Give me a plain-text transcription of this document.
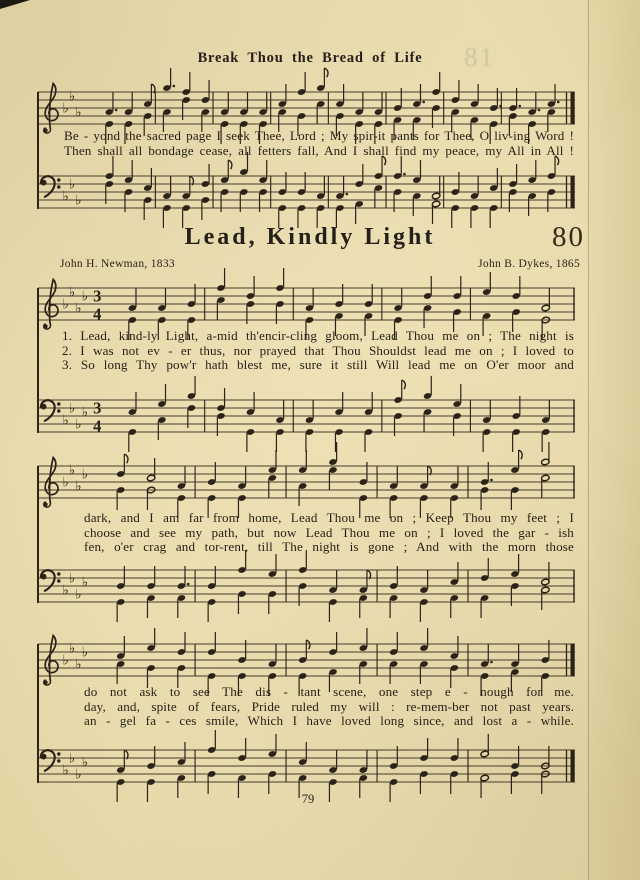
81
Break Thou the Bread of Life
♭
♭
♭
Be - yond the sacred page I seek Thee, Lord ; My spir-it pants for Thee, O liv-ing Word !
Then shall all bondage cease, all fetters fall, And I shall find my peace, my All in All !
♭
♭
♭
Lead, Kindly Light	80
John H. Newman, 1833	John B. Dykes, 1865
♭
♭
♭
♭ 3
4
1. Lead, kind-ly Light, a-mid th'encir-cling gloom, Lead Thou me on ; The night is
2. I was not ev - er thus, nor prayed that Thou Shouldst lead me on ; I loved to
3. So long Thy pow'r hath blest me, sure it still Will lead me on O'er moor and
♭
♭
♭
♭ 3
4
♭
♭
♭
♭
dark, and I am far from home, Lead Thou me on ; Keep Thou my feet ; I
choose and see my path, but now Lead Thou me on ; I loved the gar - ish
fen, o'er crag and tor-rent, till The night is gone ; And with the morn those
♭
♭
♭
♭
♭
♭
♭
♭
do not ask to see The dis - tant scene, one step e - nough for me.
day, and, spite of fears, Pride ruled my will : re-mem-ber not past years.
an - gel fa - ces smile, Which I have loved long since, and lost a - while.
♭
♭
♭
♭
79
